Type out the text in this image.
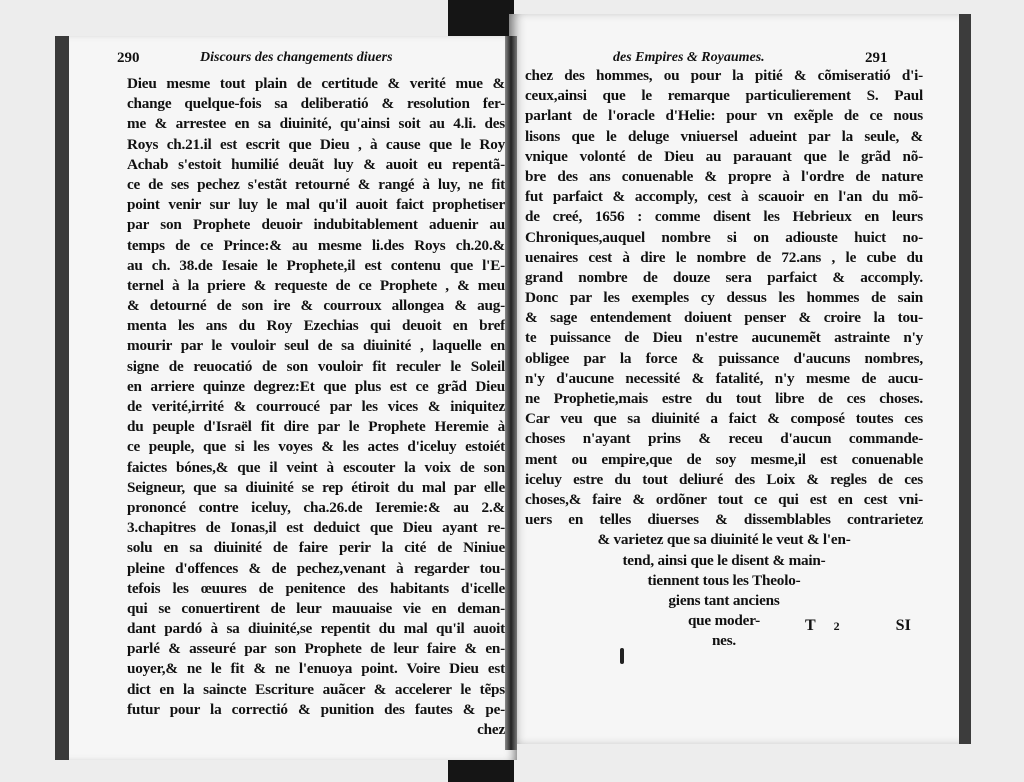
290	Discours des changements diuers
Dieu mesme tout plain de certitude & verité mue &
change quelque-fois sa deliberatió & resolution fer-
me & arrestee en sa diuinité, qu'ainsi soit au 4.li. des
Roys ch.21.il est escrit que Dieu , à cause que le Roy
Achab s'estoit humilié deuãt luy & auoit eu repentã-
ce de ses pechez s'estãt retourné & rangé à luy, ne fit
point venir sur luy le mal qu'il auoit faict prophetiser
par son Prophete deuoir indubitablement aduenir au
temps de ce Prince:& au mesme li.des Roys ch.20.&
au ch. 38.de Iesaie le Prophete,il est contenu que l'E-
ternel à la priere & requeste de ce Prophete , & meu
& detourné de son ire & courroux allongea & aug-
menta les ans du Roy Ezechias qui deuoit en bref
mourir par le vouloir seul de sa diuinité , laquelle en
signe de reuocatió de son vouloir fit reculer le Soleil
en arriere quinze degrez:Et que plus est ce grãd Dieu
de verité,irrité & courroucé par les vices & iniquitez
du peuple d'Israël fit dire par le Prophete Heremie à
ce peuple, que si les voyes & les actes d'iceluy estoiét
faictes bónes,& que il veint à escouter la voix de son
Seigneur, que sa diuinité se rep étiroit du mal par elle
prononcé contre iceluy, cha.26.de Ieremie:& au 2.&
3.chapitres de Ionas,il est deduict que Dieu ayant re-
solu en sa diuinité de faire perir la cité de Niniue
pleine d'offences & de pechez,venant à regarder tou-
tefois les œuures de penitence des habitants d'icelle
qui se conuertirent de leur mauuaise vie en deman-
dant pardó à sa diuinité,se repentit du mal qu'il auoit
parlé & asseuré par son Prophete de leur faire & en-
uoyer,& ne le fit & ne l'enuoya point. Voire Dieu est
dict en la saincte Escriture auãcer & accelerer le tẽps
futur pour la correctió & punition des fautes & pe-
chez
des Empires & Royaumes.	291
chez des hommes, ou pour la pitié & cõmiseratió d'i-
ceux,ainsi que le remarque particulierement S. Paul
parlant de l'oracle d'Helie: pour vn exẽple de ce nous
lisons que le deluge vniuersel adueint par la seule, &
vnique volonté de Dieu au parauant que le grãd nõ-
bre des ans conuenable & propre à l'ordre de nature
fut parfaict & accomply, cest à scauoir en l'an du mõ-
de creé, 1656 : comme disent les Hebrieux en leurs
Chroniques,auquel nombre si on adiouste huict no-
uenaires cest à dire le nombre de 72.ans , le cube du
grand nombre de douze sera parfaict & accomply.
Donc par les exemples cy dessus les hommes de sain
& sage entendement doiuent penser & croire la tou-
te puissance de Dieu n'estre aucunemẽt astrainte n'y
obligee par la force & puissance d'aucuns nombres,
n'y d'aucune necessité & fatalité, n'y mesme de aucu-
ne Prophetie,mais estre du tout libre de ces choses.
Car veu que sa diuinité a faict & composé toutes ces
choses n'ayant prins & receu d'aucun commande-
ment ou empire,que de soy mesme,il est conuenable
iceluy estre du tout deliuré des Loix & regles de ces
choses,& faire & ordõner tout ce qui est en cest vni-
uers en telles diuerses & dissemblables contrarietez
& varietez que sa diuinité le veut & l'en-
tend, ainsi que le disent & main-
tiennent tous les Theolo-
giens tant anciens
que moder-
nes.
T 2	SI
